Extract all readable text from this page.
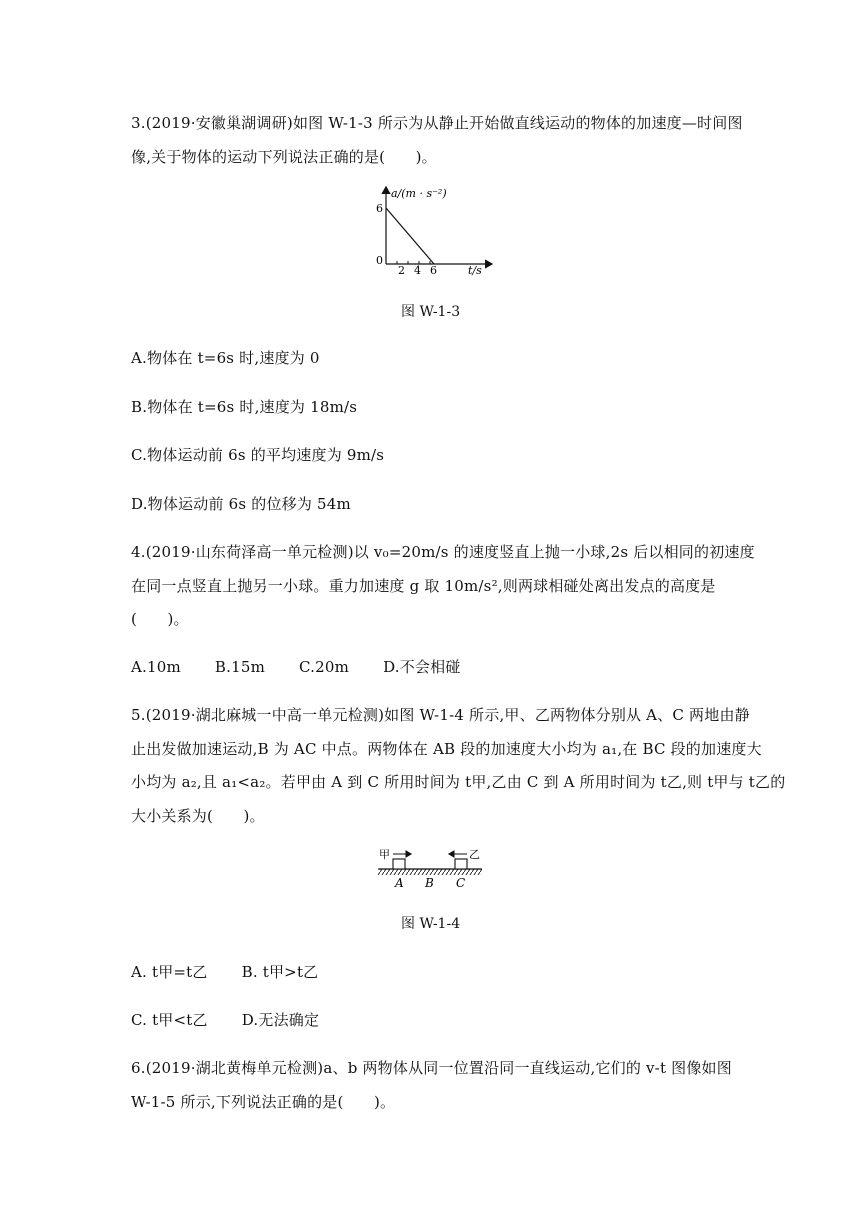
3.(2019·安徽巢湖调研)如图 W-1-3 所示为从静止开始做直线运动的物体的加速度—时间图
像,关于物体的运动下列说法正确的是(　　)。
a/(m · s⁻²)
6
0
2 4 6	t/s
图 W-1-3
A.物体在 t=6s 时,速度为 0
B.物体在 t=6s 时,速度为 18m/s
C.物体运动前 6s 的平均速度为 9m/s
D.物体运动前 6s 的位移为 54m
4.(2019·山东荷泽高一单元检测)以 v₀=20m/s 的速度竖直上抛一小球,2s 后以相同的初速度
在同一点竖直上抛另一小球。重力加速度 g 取 10m/s²,则两球相碰处离出发点的高度是
(　　)。
A.10m B.15m C.20m D.不会相碰
5.(2019·湖北麻城一中高一单元检测)如图 W-1-4 所示,甲、乙两物体分别从 A、C 两地由静
止出发做加速运动,B 为 AC 中点。两物体在 AB 段的加速度大小均为 a₁,在 BC 段的加速度大
小均为 a₂,且 a₁<a₂。若甲由 A 到 C 所用时间为 t甲,乙由 C 到 A 所用时间为 t乙,则 t甲与 t乙的
大小关系为(　　)。
甲	乙
A B C
图 W-1-4
A. t甲=t乙 B. t甲>t乙
C. t甲<t乙 D.无法确定
6.(2019·湖北黄梅单元检测)a、b 两物体从同一位置沿同一直线运动,它们的 v-t 图像如图
W-1-5 所示,下列说法正确的是(　　)。
